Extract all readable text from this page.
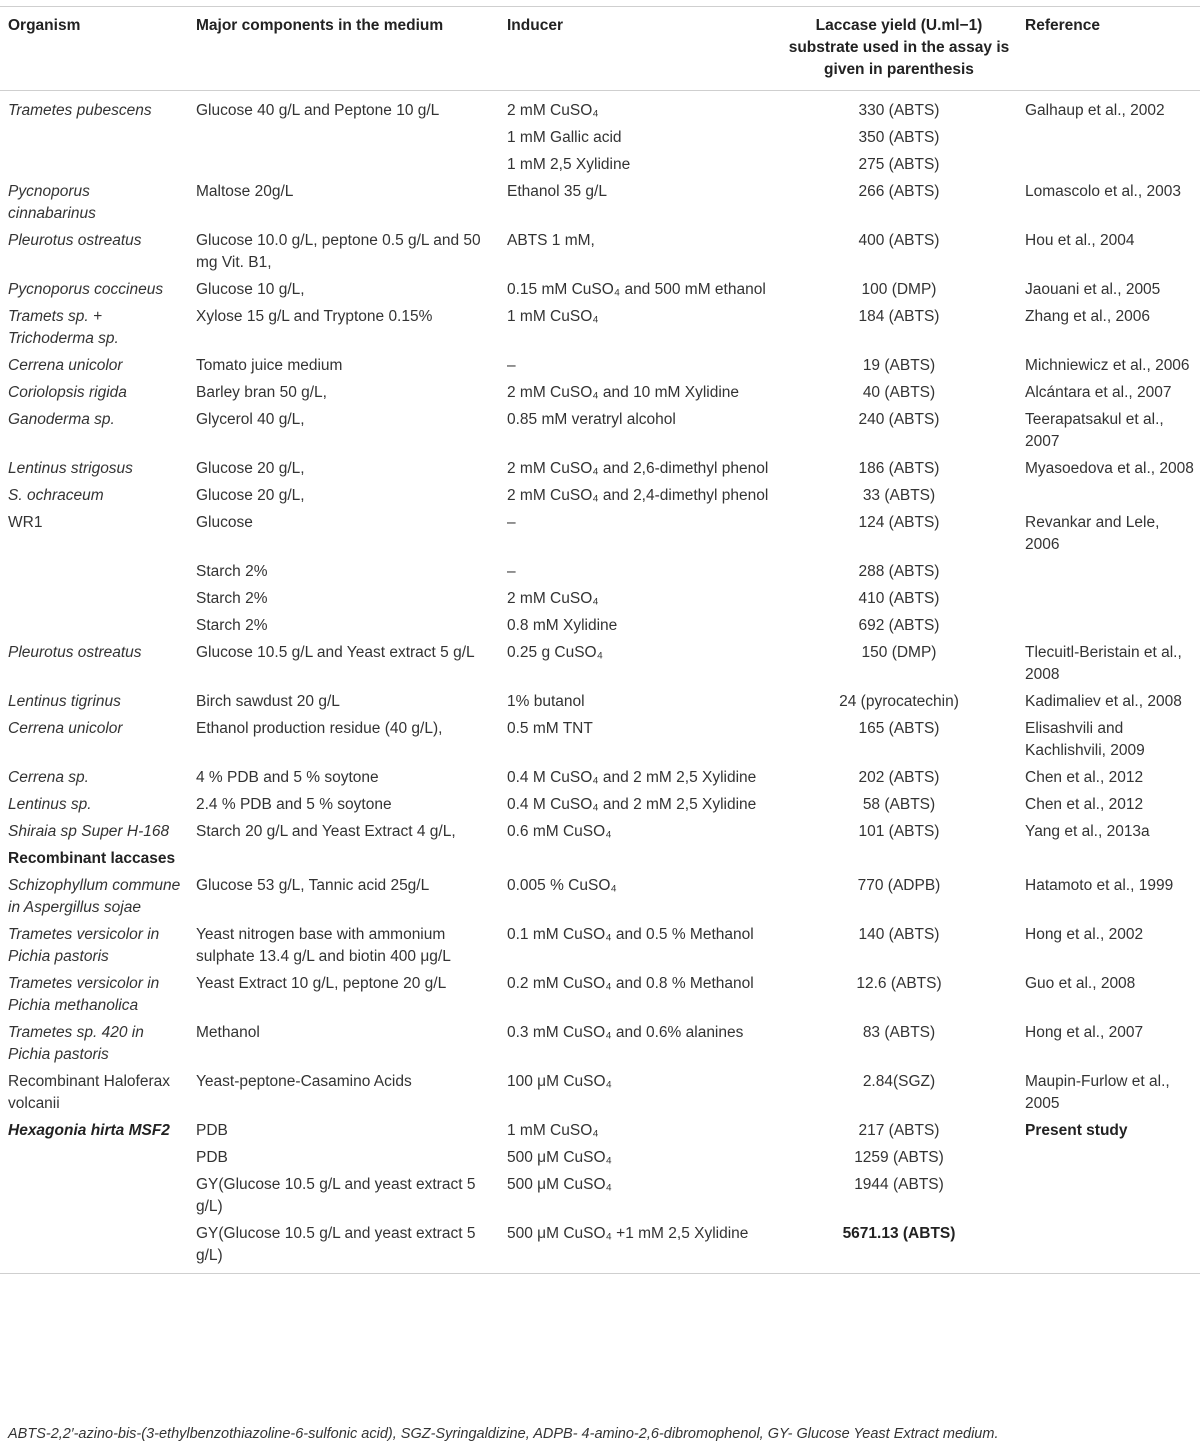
Organism	Major components in the medium	Inducer	Laccase yield (U.ml−1) substrate used in the assay is given in parenthesis	Reference
Trametes pubescens	Glucose 40 g/L and Peptone 10 g/L	2 mM CuSO₄	330 (ABTS)	Galhaup et al., 2002
		1 mM Gallic acid	350 (ABTS)	
		1 mM 2,5 Xylidine	275 (ABTS)	
Pycnoporus cinnabarinus	Maltose 20g/L	Ethanol 35 g/L	266 (ABTS)	Lomascolo et al., 2003
Pleurotus ostreatus	Glucose 10.0 g/L, peptone 0.5 g/L and 50 mg Vit. B1,	ABTS 1 mM,	400 (ABTS)	Hou et al., 2004
Pycnoporus coccineus	Glucose 10 g/L,	0.15 mM CuSO₄ and 500 mM ethanol	100 (DMP)	Jaouani et al., 2005
Tramets sp. + Trichoderma sp.	Xylose 15 g/L and Tryptone 0.15%	1 mM CuSO₄	184 (ABTS)	Zhang et al., 2006
Cerrena unicolor	Tomato juice medium	–	19 (ABTS)	Michniewicz et al., 2006
Coriolopsis rigida	Barley bran 50 g/L,	2 mM CuSO₄ and 10 mM Xylidine	40 (ABTS)	Alcántara et al., 2007
Ganoderma sp.	Glycerol 40 g/L,	0.85 mM veratryl alcohol	240 (ABTS)	Teerapatsakul et al., 2007
Lentinus strigosus	Glucose 20 g/L,	2 mM CuSO₄ and 2,6-dimethyl phenol	186 (ABTS)	Myasoedova et al., 2008
S. ochraceum	Glucose 20 g/L,	2 mM CuSO₄ and 2,4-dimethyl phenol	33 (ABTS)	
WR1	Glucose	–	124 (ABTS)	Revankar and Lele, 2006
	Starch 2%	–	288 (ABTS)	
	Starch 2%	2 mM CuSO₄	410 (ABTS)	
	Starch 2%	0.8 mM Xylidine	692 (ABTS)	
Pleurotus ostreatus	Glucose 10.5 g/L and Yeast extract 5 g/L	0.25 g CuSO₄	150 (DMP)	Tlecuitl-Beristain et al., 2008
Lentinus tigrinus	Birch sawdust 20 g/L	1% butanol	24 (pyrocatechin)	Kadimaliev et al., 2008
Cerrena unicolor	Ethanol production residue (40 g/L),	0.5 mM TNT	165 (ABTS)	Elisashvili and Kachlishvili, 2009
Cerrena sp.	4 % PDB and 5 % soytone	0.4 M CuSO₄ and 2 mM 2,5 Xylidine	202 (ABTS)	Chen et al., 2012
Lentinus sp.	2.4 % PDB and 5 % soytone	0.4 M CuSO₄ and 2 mM 2,5 Xylidine	58 (ABTS)	Chen et al., 2012
Shiraia sp Super H-168	Starch 20 g/L and Yeast Extract 4 g/L,	0.6 mM CuSO₄	101 (ABTS)	Yang et al., 2013a
Recombinant laccases				
Schizophyllum commune in Aspergillus sojae	Glucose 53 g/L, Tannic acid 25g/L	0.005 % CuSO₄	770 (ADPB)	Hatamoto et al., 1999
Trametes versicolor in Pichia pastoris	Yeast nitrogen base with ammonium sulphate 13.4 g/L and biotin 400 μg/L	0.1 mM CuSO₄ and 0.5 % Methanol	140 (ABTS)	Hong et al., 2002
Trametes versicolor in Pichia methanolica	Yeast Extract 10 g/L, peptone 20 g/L	0.2 mM CuSO₄ and 0.8 % Methanol	12.6 (ABTS)	Guo et al., 2008
Trametes sp. 420 in Pichia pastoris	Methanol	0.3 mM CuSO₄ and 0.6% alanines	83 (ABTS)	Hong et al., 2007
Recombinant Haloferax volcanii	Yeast-peptone-Casamino Acids	100 μM CuSO₄	2.84(SGZ)	Maupin-Furlow et al., 2005
Hexagonia hirta MSF2	PDB	1 mM CuSO₄	217 (ABTS)	Present study
	PDB	500 μM CuSO₄	1259 (ABTS)	
	GY(Glucose 10.5 g/L and yeast extract 5 g/L)	500 μM CuSO₄	1944 (ABTS)	
	GY(Glucose 10.5 g/L and yeast extract 5 g/L)	500 μM CuSO₄ +1 mM 2,5 Xylidine	5671.13 (ABTS)	
ABTS-2,2′-azino-bis-(3-ethylbenzothiazoline-6-sulfonic acid), SGZ-Syringaldizine, ADPB- 4-amino-2,6-dibromophenol, GY- Glucose Yeast Extract medium.
